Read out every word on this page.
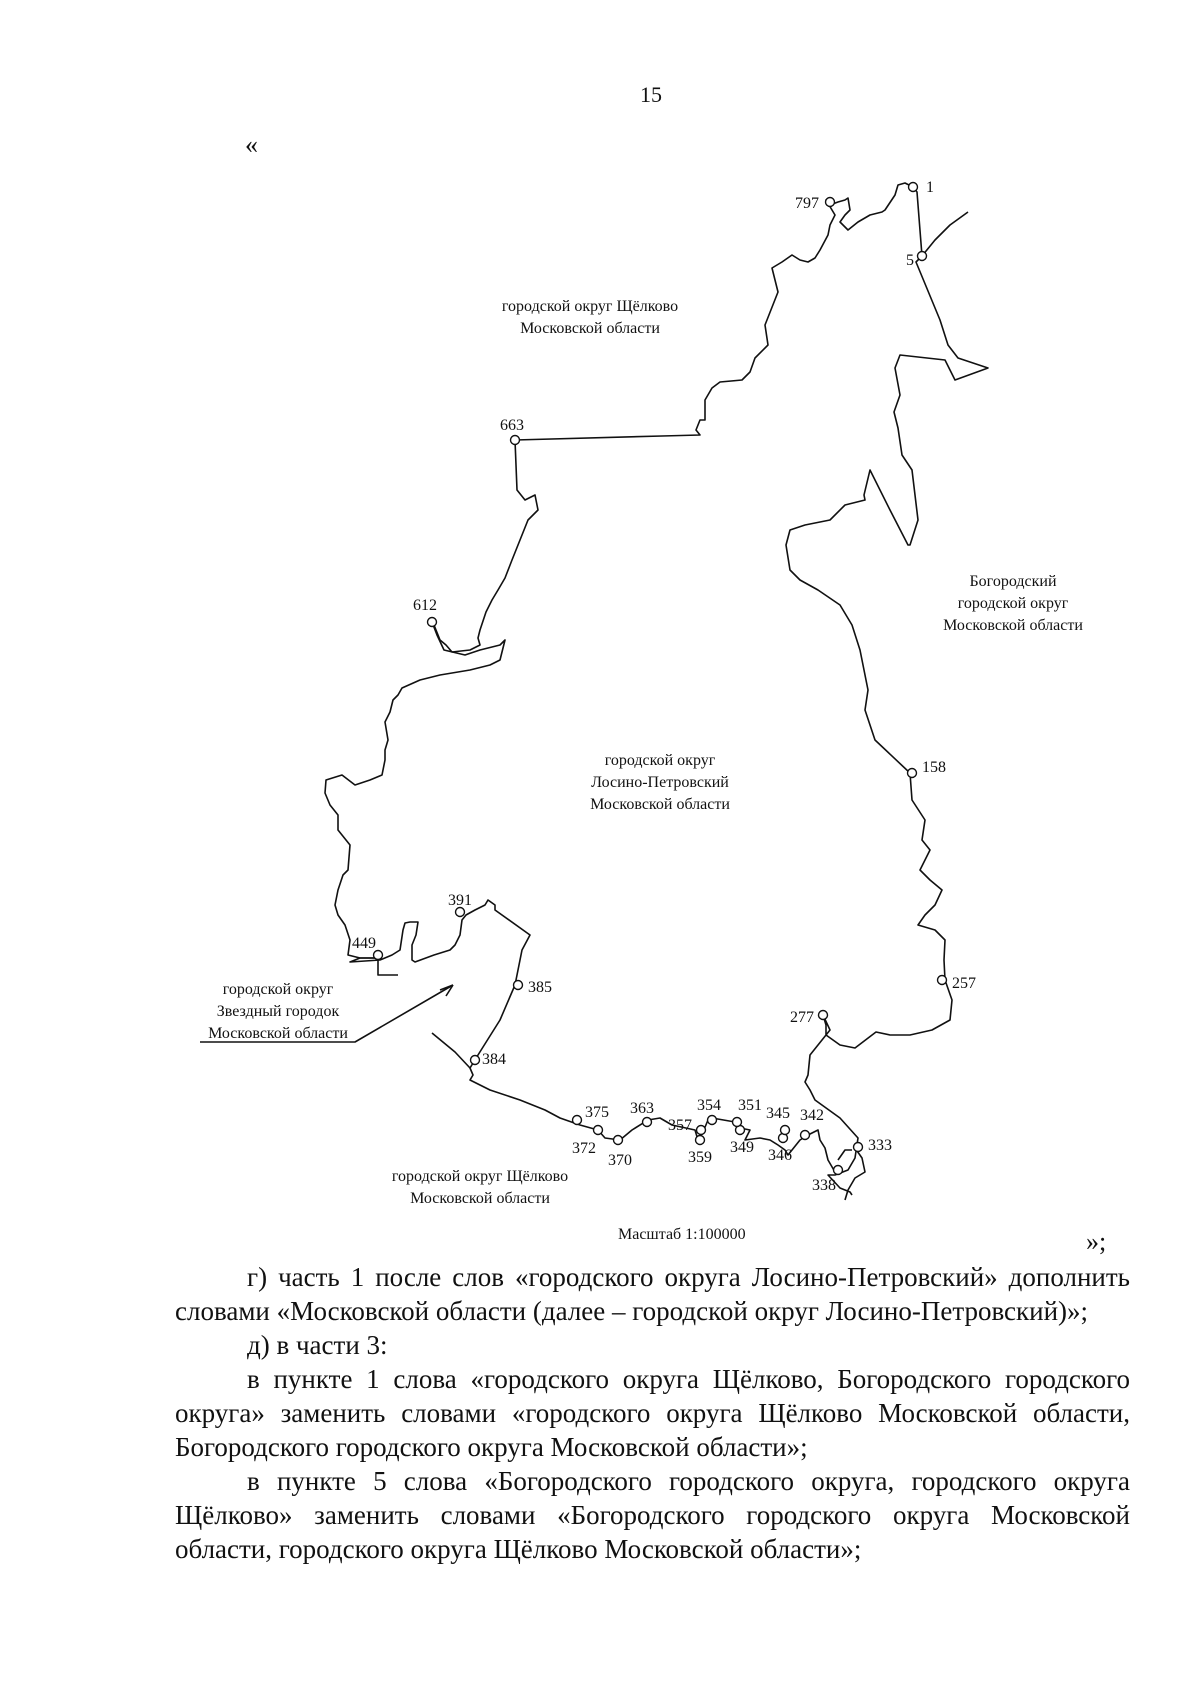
15
«
1
5
797
663
612
158
257
277
391
449
385
384
375
372
370
363
357
359
354
349
351
346
345 342
333
338
городской округ Щёлково
Московской области
Богородский
городской округ
Московской области
городской округ
Лосино-Петровский
Московской области
городской округ
Звездный городок
Московской области
городской округ Щёлково
Московской области
Масштаб 1:100000	»;

г) часть 1 после слов «городского округа Лосино-Петровский» дополнить словами «Московской области (далее – городской округ Лосино-Петровский)»;

д) в части 3:

в пункте 1 слова «городского округа Щёлково, Богородского городского округа» заменить словами «городского округа Щёлково Московской области, Богородского городского округа Московской области»;

в пункте 5 слова «Богородского городского округа, городского округа Щёлково» заменить словами «Богородского городского округа Московской области, городского округа Щёлково Московской области»;
